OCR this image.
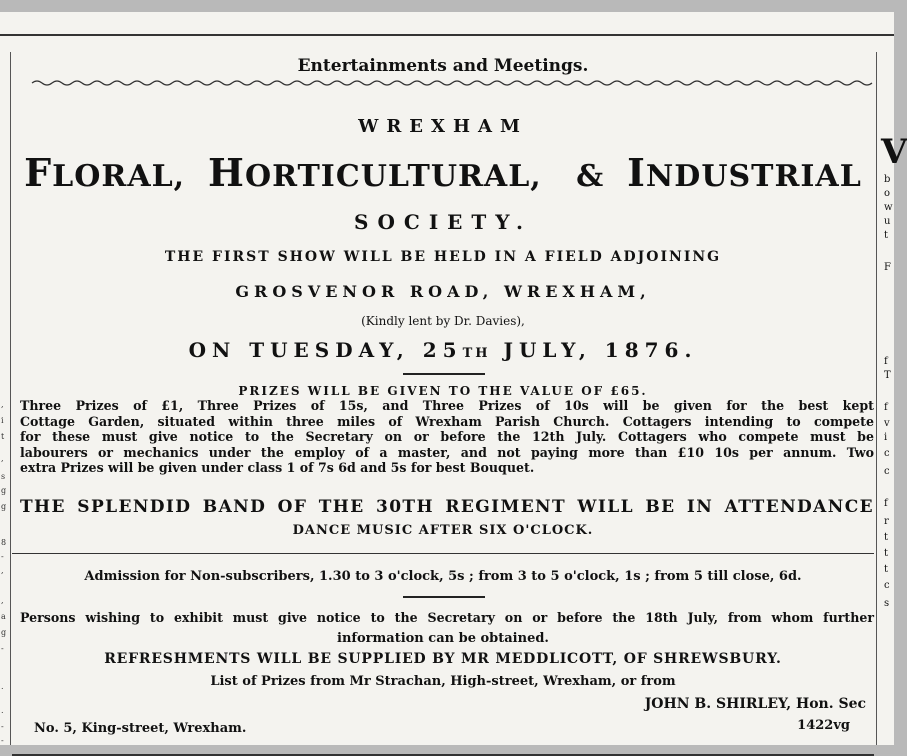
,
i
t
,
s
g
g
8
-
,
,
a
g
-
.
.
-
-
V
b
o
w
u
t
F
f
T
f
v
i
c
c
f
r
t
t
t
c
s
Entertainments and Meetings.
WREXHAM
FLORAL, HORTICULTURAL, & INDUSTRIAL
SOCIETY.
THE FIRST SHOW WILL BE HELD IN A FIELD ADJOINING
GROSVENOR ROAD, WREXHAM,
(Kindly lent by Dr. Davies),
ON TUESDAY, 25TH JULY, 1876.
PRIZES WILL BE GIVEN TO THE VALUE OF £65.
Three Prizes of £1, Three Prizes of 15s, and Three Prizes of 10s will be given for the best kept
Cottage Garden, situated within three miles of Wrexham Parish Church. Cottagers intending to compete
for these must give notice to the Secretary on or before the 12th July. Cottagers who compete must be
labourers or mechanics under the employ of a master, and not paying more than £10 10s per annum. Two
extra Prizes will be given under class 1 of 7s 6d and 5s for best Bouquet.
THE SPLENDID BAND OF THE 30TH REGIMENT WILL BE IN ATTENDANCE
DANCE MUSIC AFTER SIX O'CLOCK.
Admission for Non-subscribers, 1.30 to 3 o'clock, 5s ; from 3 to 5 o'clock, 1s ; from 5 till close, 6d.
Persons wishing to exhibit must give notice to the Secretary on or before the 18th July, from whom further
information can be obtained.
REFRESHMENTS WILL BE SUPPLIED BY MR MEDDLICOTT, OF SHREWSBURY.
List of Prizes from Mr Strachan, High-street, Wrexham, or from
JOHN B. SHIRLEY, Hon. Sec
No. 5, King-street, Wrexham.	1422vg
